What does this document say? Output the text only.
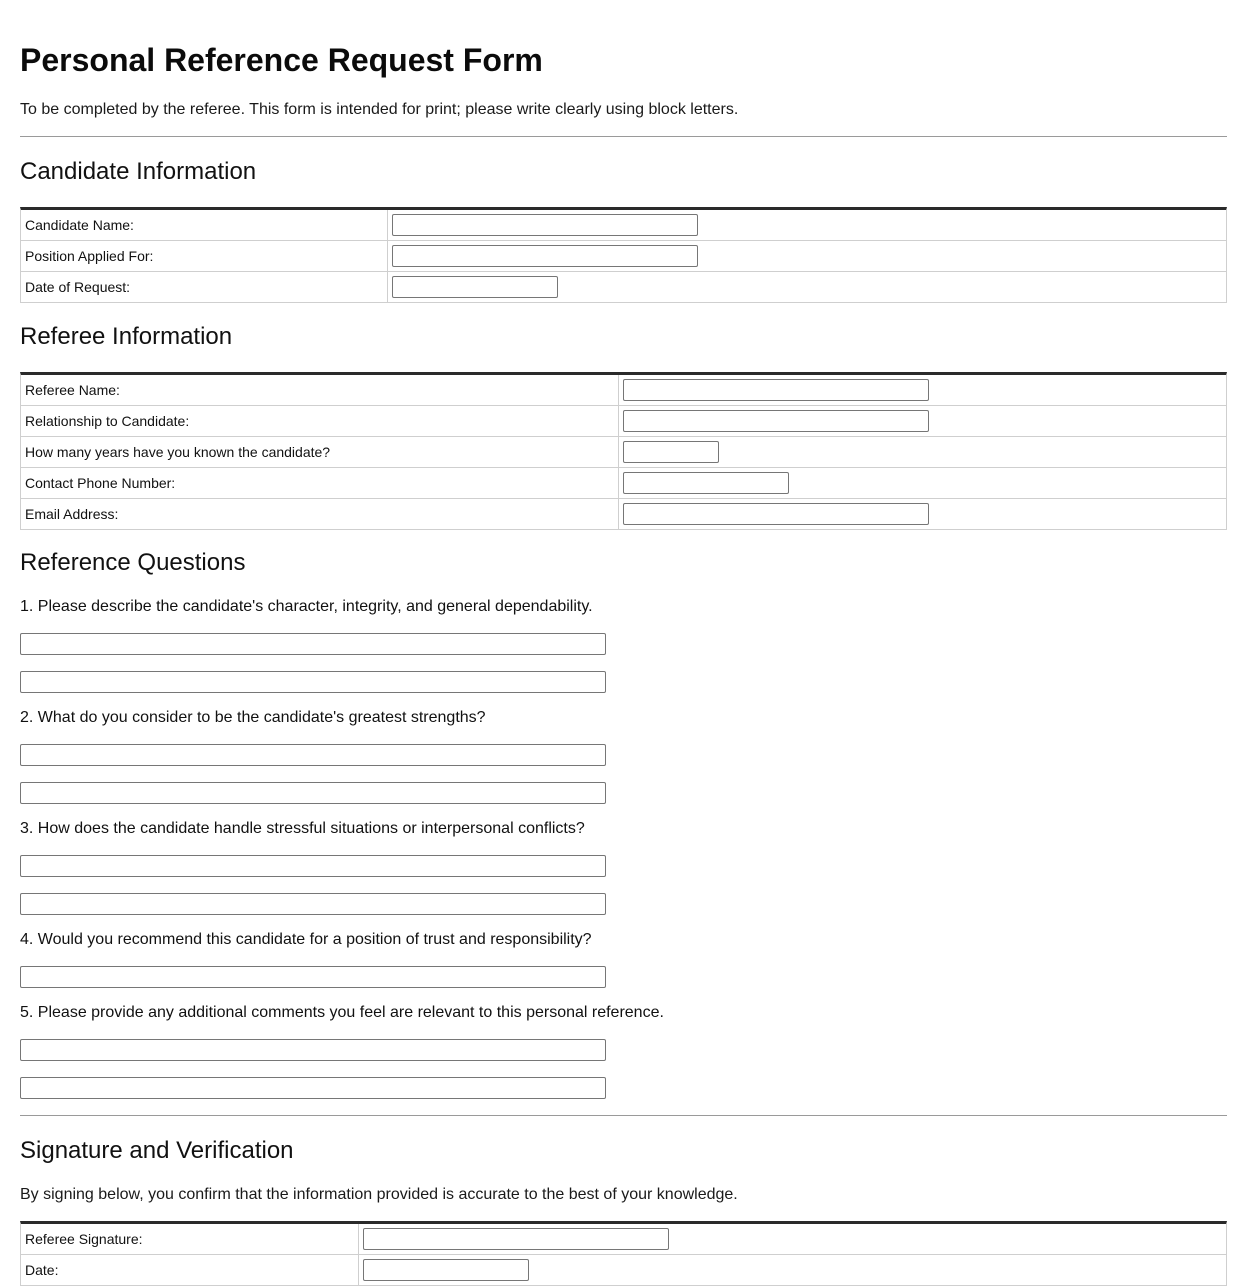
Personal Reference Request Form
To be completed by the referee. This form is intended for print; please write clearly using block letters.
Candidate Information
Candidate Name:
Position Applied For:
Date of Request:
Referee Information
Referee Name:
Relationship to Candidate:
How many years have you known the candidate?
Contact Phone Number:
Email Address:
Reference Questions
1. Please describe the candidate's character, integrity, and general dependability.
2. What do you consider to be the candidate's greatest strengths?
3. How does the candidate handle stressful situations or interpersonal conflicts?
4. Would you recommend this candidate for a position of trust and responsibility?
5. Please provide any additional comments you feel are relevant to this personal reference.
Signature and Verification
By signing below, you confirm that the information provided is accurate to the best of your knowledge.
Referee Signature:
Date:
